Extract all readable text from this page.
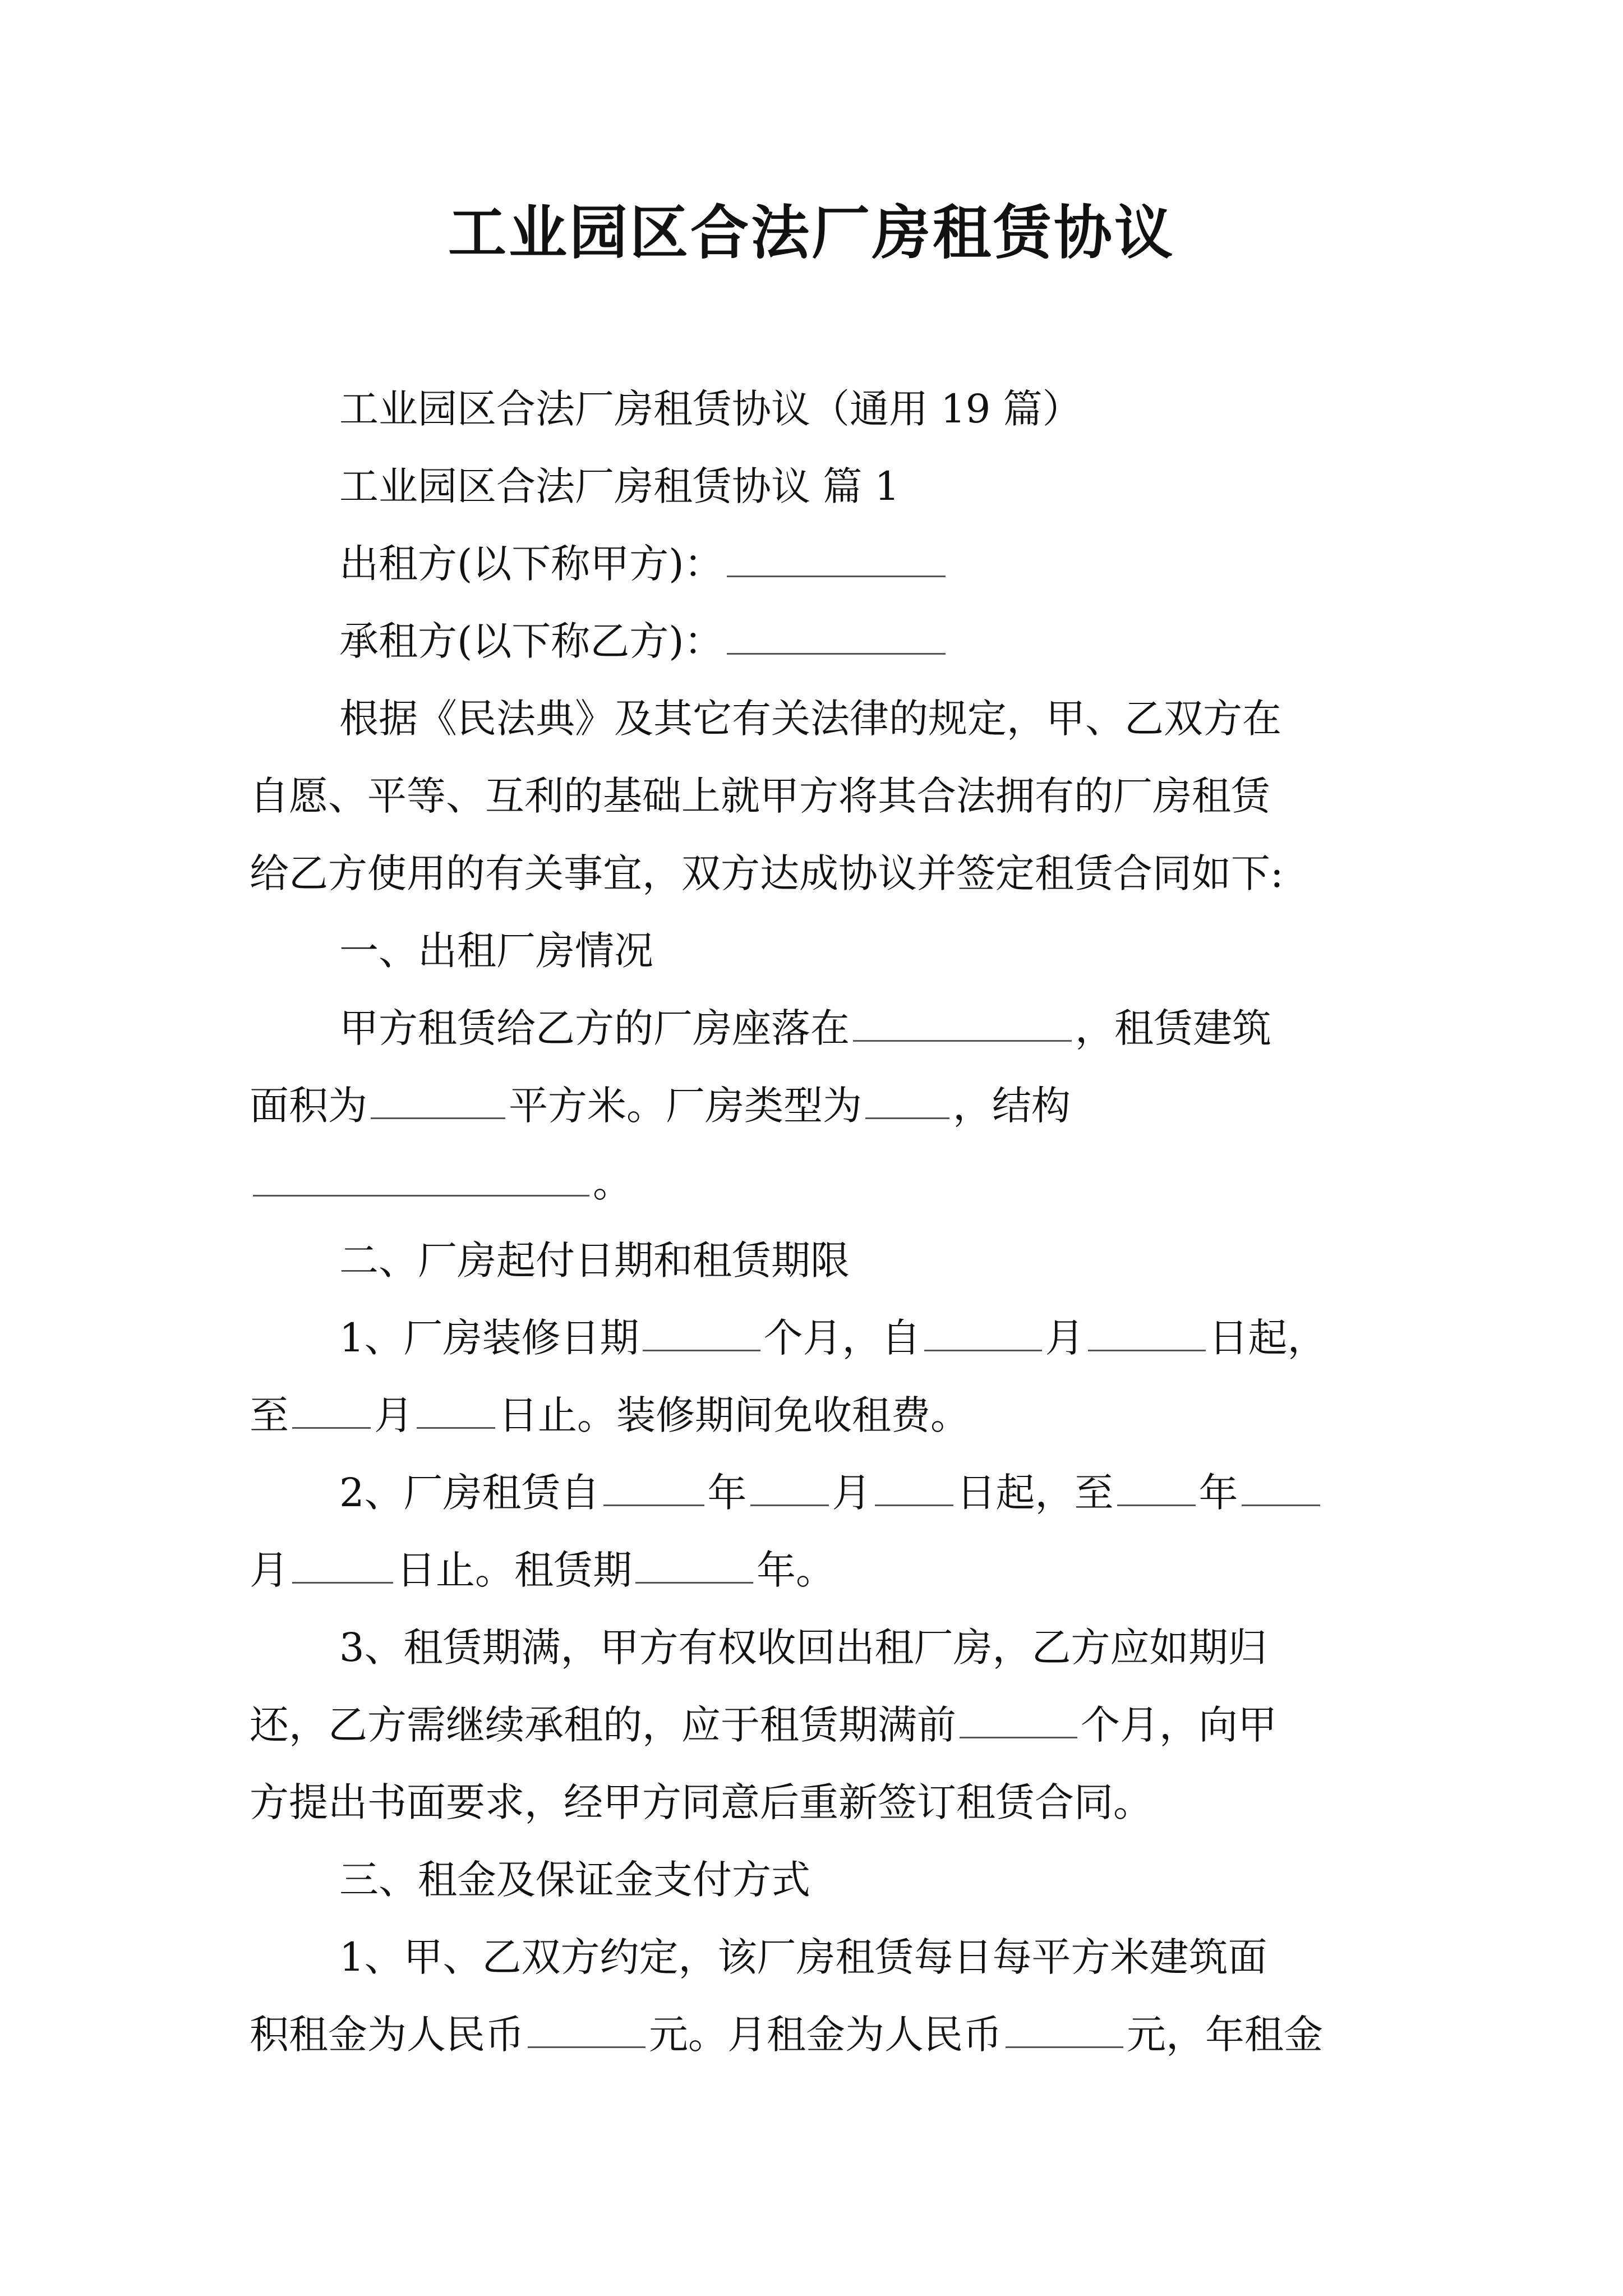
工业园区合法厂房租赁协议
工业园区合法厂房租赁协议（通用 19 篇）
工业园区合法厂房租赁协议 篇 1
出租方(以下称甲方)：
承租方(以下称乙方)：
根据《民法典》及其它有关法律的规定，甲、乙双方在
自愿、平等、互利的基础上就甲方将其合法拥有的厂房租赁
给乙方使用的有关事宜，双方达成协议并签定租赁合同如下:
一、出租厂房情况
甲方租赁给乙方的厂房座落在	，租赁建筑
面积为	平方米。厂房类型为 ，结构
。
二、厂房起付日期和租赁期限
1、厂房装修日期	个月，自	月	日起，
至 月 日止。装修期间免收租费。
2、厂房租赁自	年 月 日起，至 年
月	日止。租赁期	年。
3、租赁期满，甲方有权收回出租厂房，乙方应如期归
还，乙方需继续承租的，应于租赁期满前	个月，向甲
方提出书面要求，经甲方同意后重新签订租赁合同。
三、租金及保证金支付方式
1、甲、乙双方约定，该厂房租赁每日每平方米建筑面
积租金为人民币	元。月租金为人民币	元，年租金
